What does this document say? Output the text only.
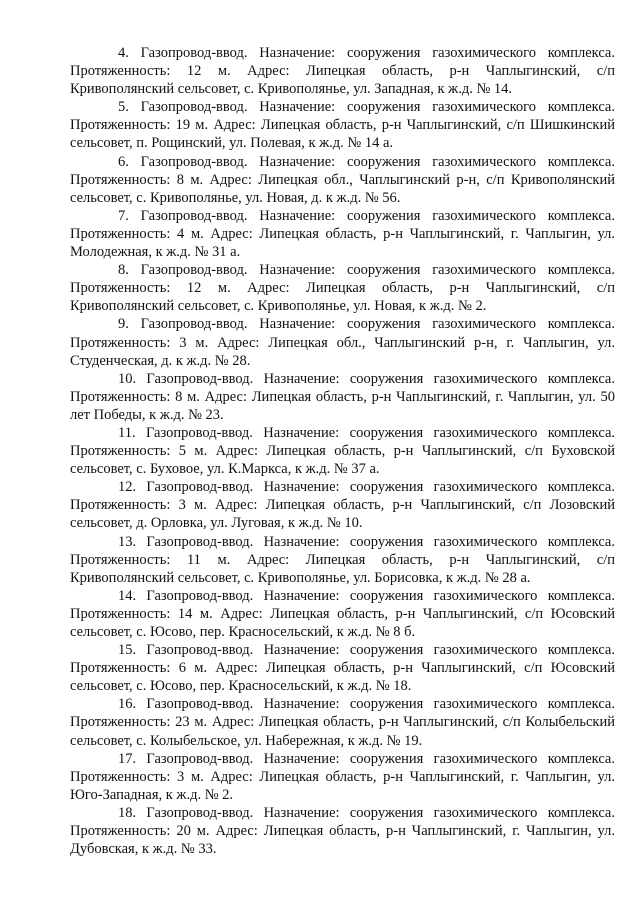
4. Газопровод-ввод. Назначение: сооружения газохимического комплекса. Протяженность: 12 м. Адрес: Липецкая область, р-н Чаплыгинский, с/п Кривополянский сельсовет, с. Кривополянье, ул. Западная, к ж.д. № 14.

5. Газопровод-ввод. Назначение: сооружения газохимического комплекса. Протяженность: 19 м. Адрес: Липецкая область, р-н Чаплыгинский, с/п Шишкинский сельсовет, п. Рощинский, ул. Полевая, к ж.д. № 14 а.

6. Газопровод-ввод. Назначение: сооружения газохимического комплекса. Протяженность: 8 м. Адрес: Липецкая обл., Чаплыгинский р-н, с/п Кривополянский сельсовет, с. Кривополянье, ул. Новая, д. к ж.д. № 56.

7. Газопровод-ввод. Назначение: сооружения газохимического комплекса. Протяженность: 4 м. Адрес: Липецкая область, р-н Чаплыгинский, г. Чаплыгин, ул. Молодежная, к ж.д. № 31 а.

8. Газопровод-ввод. Назначение: сооружения газохимического комплекса. Протяженность: 12 м. Адрес: Липецкая область, р-н Чаплыгинский, с/п Кривополянский сельсовет, с. Кривополянье, ул. Новая, к ж.д. № 2.

9. Газопровод-ввод. Назначение: сооружения газохимического комплекса. Протяженность: 3 м. Адрес: Липецкая обл., Чаплыгинский р-н, г. Чаплыгин, ул. Студенческая, д. к ж.д. № 28.

10. Газопровод-ввод. Назначение: сооружения газохимического комплекса. Протяженность: 8 м. Адрес: Липецкая область, р-н Чаплыгинский, г. Чаплыгин, ул. 50 лет Победы, к ж.д. № 23.

11. Газопровод-ввод. Назначение: сооружения газохимического комплекса. Протяженность: 5 м. Адрес: Липецкая область, р-н Чаплыгинский, с/п Буховской сельсовет, с. Буховое, ул. К.Маркса, к ж.д. № 37 а.

12. Газопровод-ввод. Назначение: сооружения газохимического комплекса. Протяженность: 3 м. Адрес: Липецкая область, р-н Чаплыгинский, с/п Лозовский сельсовет, д. Орловка, ул. Луговая, к ж.д. № 10.

13. Газопровод-ввод. Назначение: сооружения газохимического комплекса. Протяженность: 11 м. Адрес: Липецкая область, р-н Чаплыгинский, с/п Кривополянский сельсовет, с. Кривополянье, ул. Борисовка, к ж.д. № 28 а.

14. Газопровод-ввод. Назначение: сооружения газохимического комплекса. Протяженность: 14 м. Адрес: Липецкая область, р-н Чаплыгинский, с/п Юсовский сельсовет, с. Юсово, пер. Красносельский, к ж.д. № 8 б.

15. Газопровод-ввод. Назначение: сооружения газохимического комплекса. Протяженность: 6 м. Адрес: Липецкая область, р-н Чаплыгинский, с/п Юсовский сельсовет, с. Юсово, пер. Красносельский, к ж.д. № 18.

16. Газопровод-ввод. Назначение: сооружения газохимического комплекса. Протяженность: 23 м. Адрес: Липецкая область, р-н Чаплыгинский, с/п Колыбельский сельсовет, с. Колыбельское, ул. Набережная, к ж.д. № 19.

17. Газопровод-ввод. Назначение: сооружения газохимического комплекса. Протяженность: 3 м. Адрес: Липецкая область, р-н Чаплыгинский, г. Чаплыгин, ул. Юго-Западная, к ж.д. № 2.

18. Газопровод-ввод. Назначение: сооружения газохимического комплекса. Протяженность: 20 м. Адрес: Липецкая область, р-н Чаплыгинский, г. Чаплыгин, ул. Дубовская, к ж.д. № 33.
